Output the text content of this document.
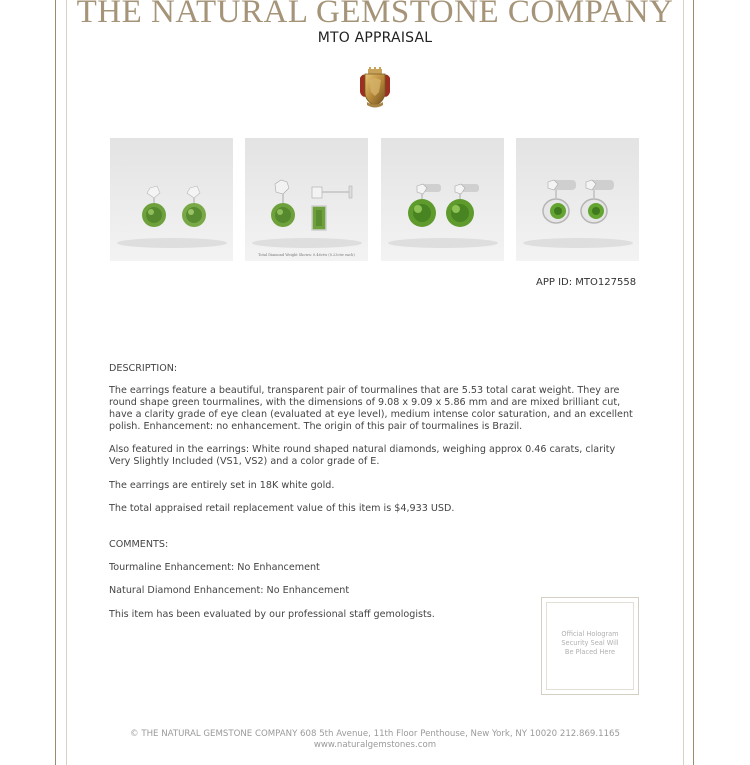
THE NATURAL GEMSTONE COMPANY
MTO APPRAISAL
Total Diamond Weight Shown: 0.46ctw (0.23ctw each)
APP ID: MTO127558
DESCRIPTION:
The earrings feature a beautiful, transparent pair of tourmalines that are 5.53 total carat weight. They are round shape green tourmalines, with the dimensions of 9.08 x 9.09 x 5.86 mm and are mixed brilliant cut, have a clarity grade of eye clean (evaluated at eye level), medium intense color saturation, and an excellent polish. Enhancement: no enhancement. The origin of this pair of tourmalines is Brazil.
Also featured in the earrings: White round shaped natural diamonds, weighing approx 0.46 carats, clarity Very Slightly Included (VS1, VS2) and a color grade of E.
The earrings are entirely set in 18K white gold.
The total appraised retail replacement value of this item is $4,933 USD.
COMMENTS:
Tourmaline Enhancement: No Enhancement
Natural Diamond Enhancement: No Enhancement
This item has been evaluated by our professional staff gemologists.
Official Hologram
Security Seal Will
Be Placed Here
© THE NATURAL GEMSTONE COMPANY 608 5th Avenue, 11th Floor Penthouse, New York, NY 10020 212.869.1165
www.naturalgemstones.com
